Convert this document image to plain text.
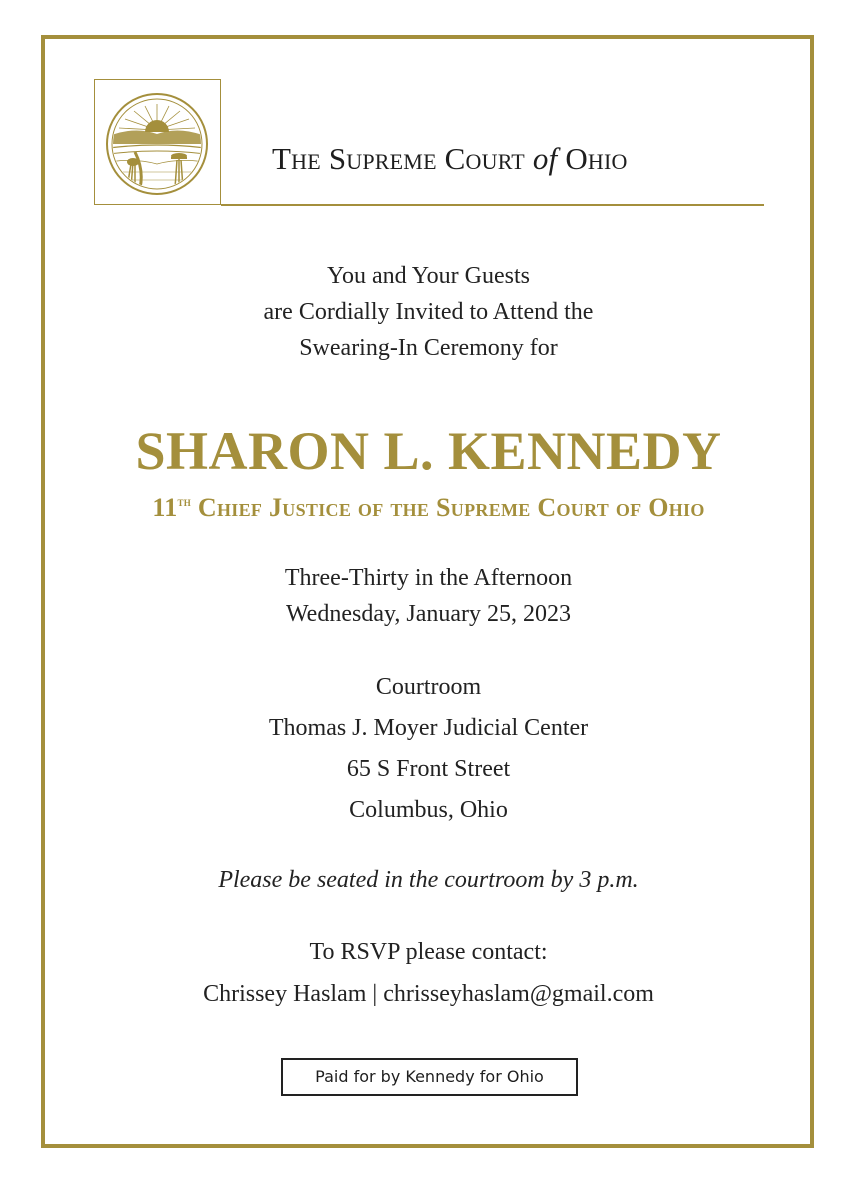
The Supreme Court of Ohio
You and Your Guests
are Cordially Invited to Attend the
Swearing-In Ceremony for
SHARON L. KENNEDY
11th Chief Justice of the Supreme Court of Ohio
Three-Thirty in the Afternoon
Wednesday, January 25, 2023
Courtroom
Thomas J. Moyer Judicial Center
65 S Front Street
Columbus, Ohio
Please be seated in the courtroom by 3 p.m.
To RSVP please contact:
Chrissey Haslam | chrisseyhaslam@gmail.com
Paid for by Kennedy for Ohio
